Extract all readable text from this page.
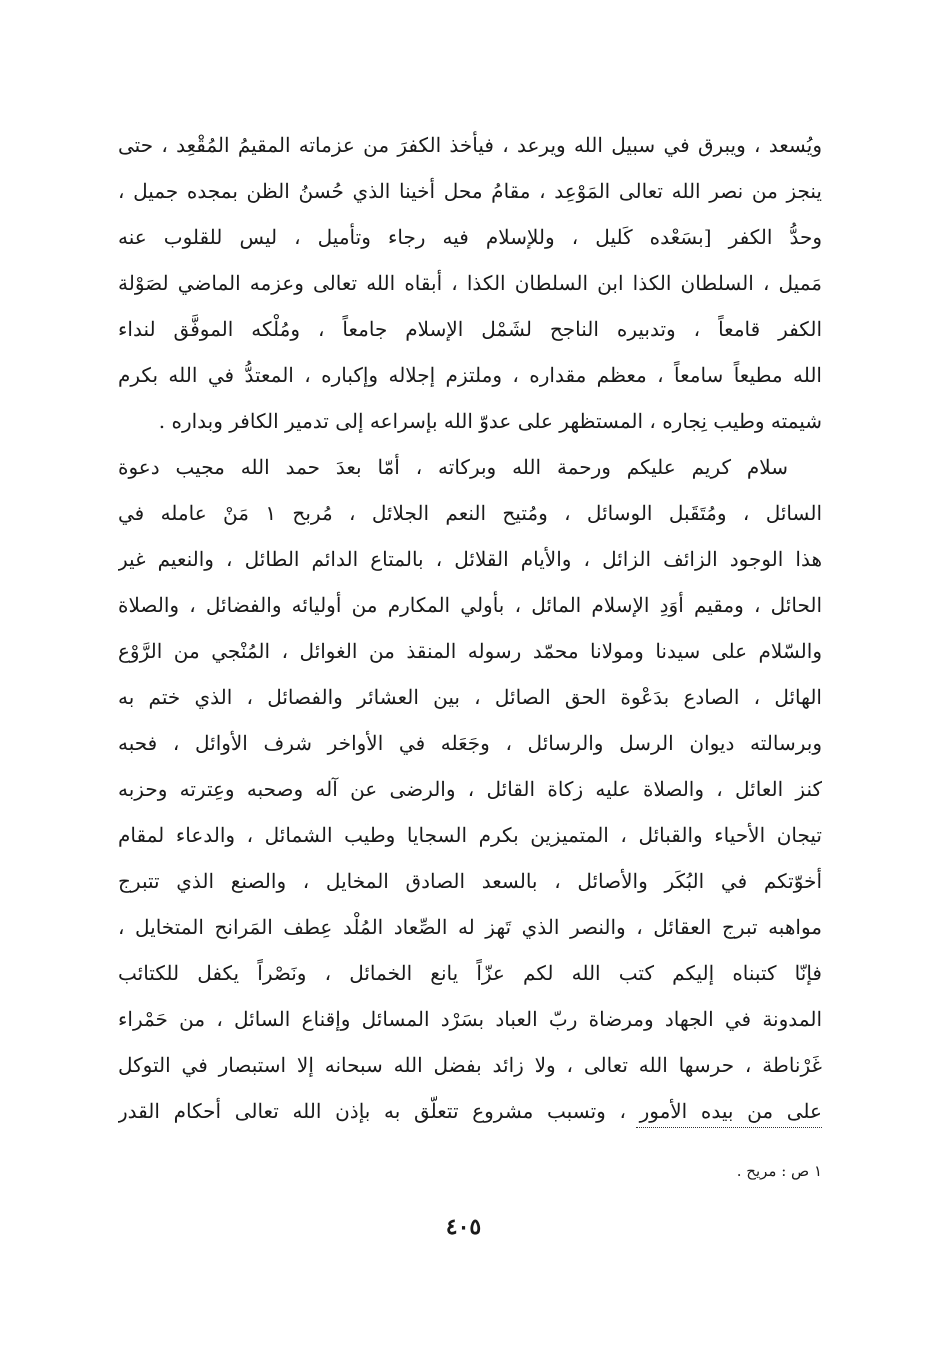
ويُسعد ، ويبرق في سبيل الله ويرعد ، فيأخذ الكفرَ من عزماته المقيمُ المُقْعِد ، حتى
ينجز من نصر الله تعالى المَوْعِد ، مقامُ محل أخينا الذي حُسنُ الظن بمجده جميل ،
وحدُّ الكفر [بسَعْده كَليل ، وللإسلام فيه رجاء وتأميل ، ليس للقلوب عنه
مَميل ، السلطان الكذا ابن السلطان الكذا ، أبقاه الله تعالى وعزمه الماضي لصَوْلة
الكفر قامعاً ، وتدبيره الناجح لشَمْل الإسلام جامعاً ، ومُلْكه الموفَّق لنداء
الله مطيعاً سامعاً ، معظم مقداره ، وملتزم إجلاله وإكباره ، المعتدُّ في الله بكرم
شيمته وطيب نِجاره ، المستظهر على عدوّ الله بإسراعه إلى تدمير الكافر وبداره .
سلام كريم عليكم ورحمة الله وبركاته ، أمّا بعدَ حمد الله مجيب دعوة
السائل ، ومُتَقَبل الوسائل ، ومُتيح النعم الجلائل ، مُربح ١ مَنْ عامله في
هذا الوجود الزائف الزائل ، والأيام القلائل ، بالمتاع الدائم الطائل ، والنعيم غير
الحائل ، ومقيم أوَدِ الإسلام المائل ، بأولي المكارم من أوليائه والفضائل ، والصلاة
والسّلام على سيدنا ومولانا محمّد رسوله المنقذ من الغوائل ، المُنْجي من الرَّوْع
الهائل ، الصادع بدَعْوة الحق الصائل ، بين العشائر والفصائل ، الذي ختم به
وبرسالته ديوان الرسل والرسائل ، وجَعَله في الأواخر شرف الأوائل ، فحبه
كنز العائل ، والصلاة عليه زكاة القائل ، والرضى عن آله وصحبه وعِترته وحزبه
تيجان الأحياء والقبائل ، المتميزين بكرم السجايا وطيب الشمائل ، والدعاء لمقام
أخوّتكم في البُكَر والأصائل ، بالسعد الصادق المخايل ، والصنع الذي تتبرج
مواهبه تبرج العقائل ، والنصر الذي تَهز له الصِّعاد المُلْد عِطف المَرانح المتخايل ،
فإنّا كتبناه إليكم كتب الله لكم عزّاً يانع الخمائل ، ونَصْراً يكفل للكتائب
المدونة في الجهاد ومرضاة ربّ العباد بسَرْد المسائل وإقناع السائل ، من حَمْراء
غَرْناطة ، حرسها الله تعالى ، ولا زائد بفضل الله سبحانه إلا استبصار في التوكل
على من بيده الأمور ، وتسبب مشروع تتعلّق به بإذن الله تعالى أحكام القدر
١ ص : مريح .
٤٠٥
